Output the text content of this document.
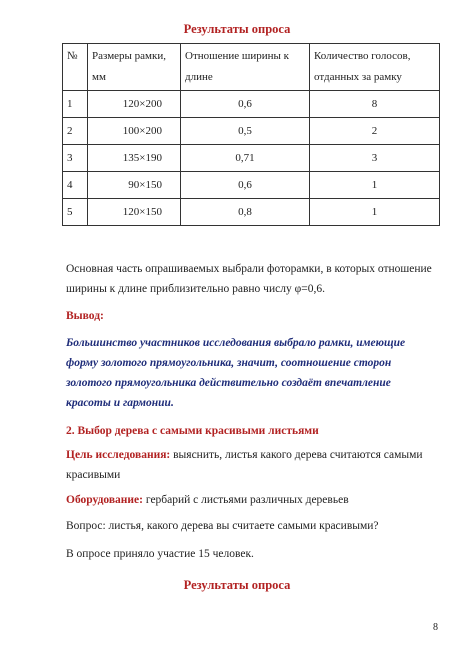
Результаты опроса
№	Размеры рамки, мм	Отношение ширины к длине	Количество голосов, отданных за рамку
1	120×200	0,6	8
2	100×200	0,5	2
3	135×190	0,71	3
4	90×150	0,6	1
5	120×150	0,8	1
Основная часть опрашиваемых выбрали фоторамки, в которых отношение ширины к длине приблизительно равно числу φ=0,6.
Вывод:
Большинство участников исследования выбрало рамки, имеющие форму золотого прямоугольника, значит, соотношение сторон золотого прямоугольника действительно создаёт впечатление красоты и гармонии.
2. Выбор дерева с самыми красивыми листьями
Цель исследования: выяснить, листья какого дерева считаются самыми красивыми
Оборудование: гербарий с листьями различных деревьев
Вопрос: листья, какого дерева вы считаете самыми красивыми?
В опросе приняло участие 15 человек.
Результаты опроса
8
